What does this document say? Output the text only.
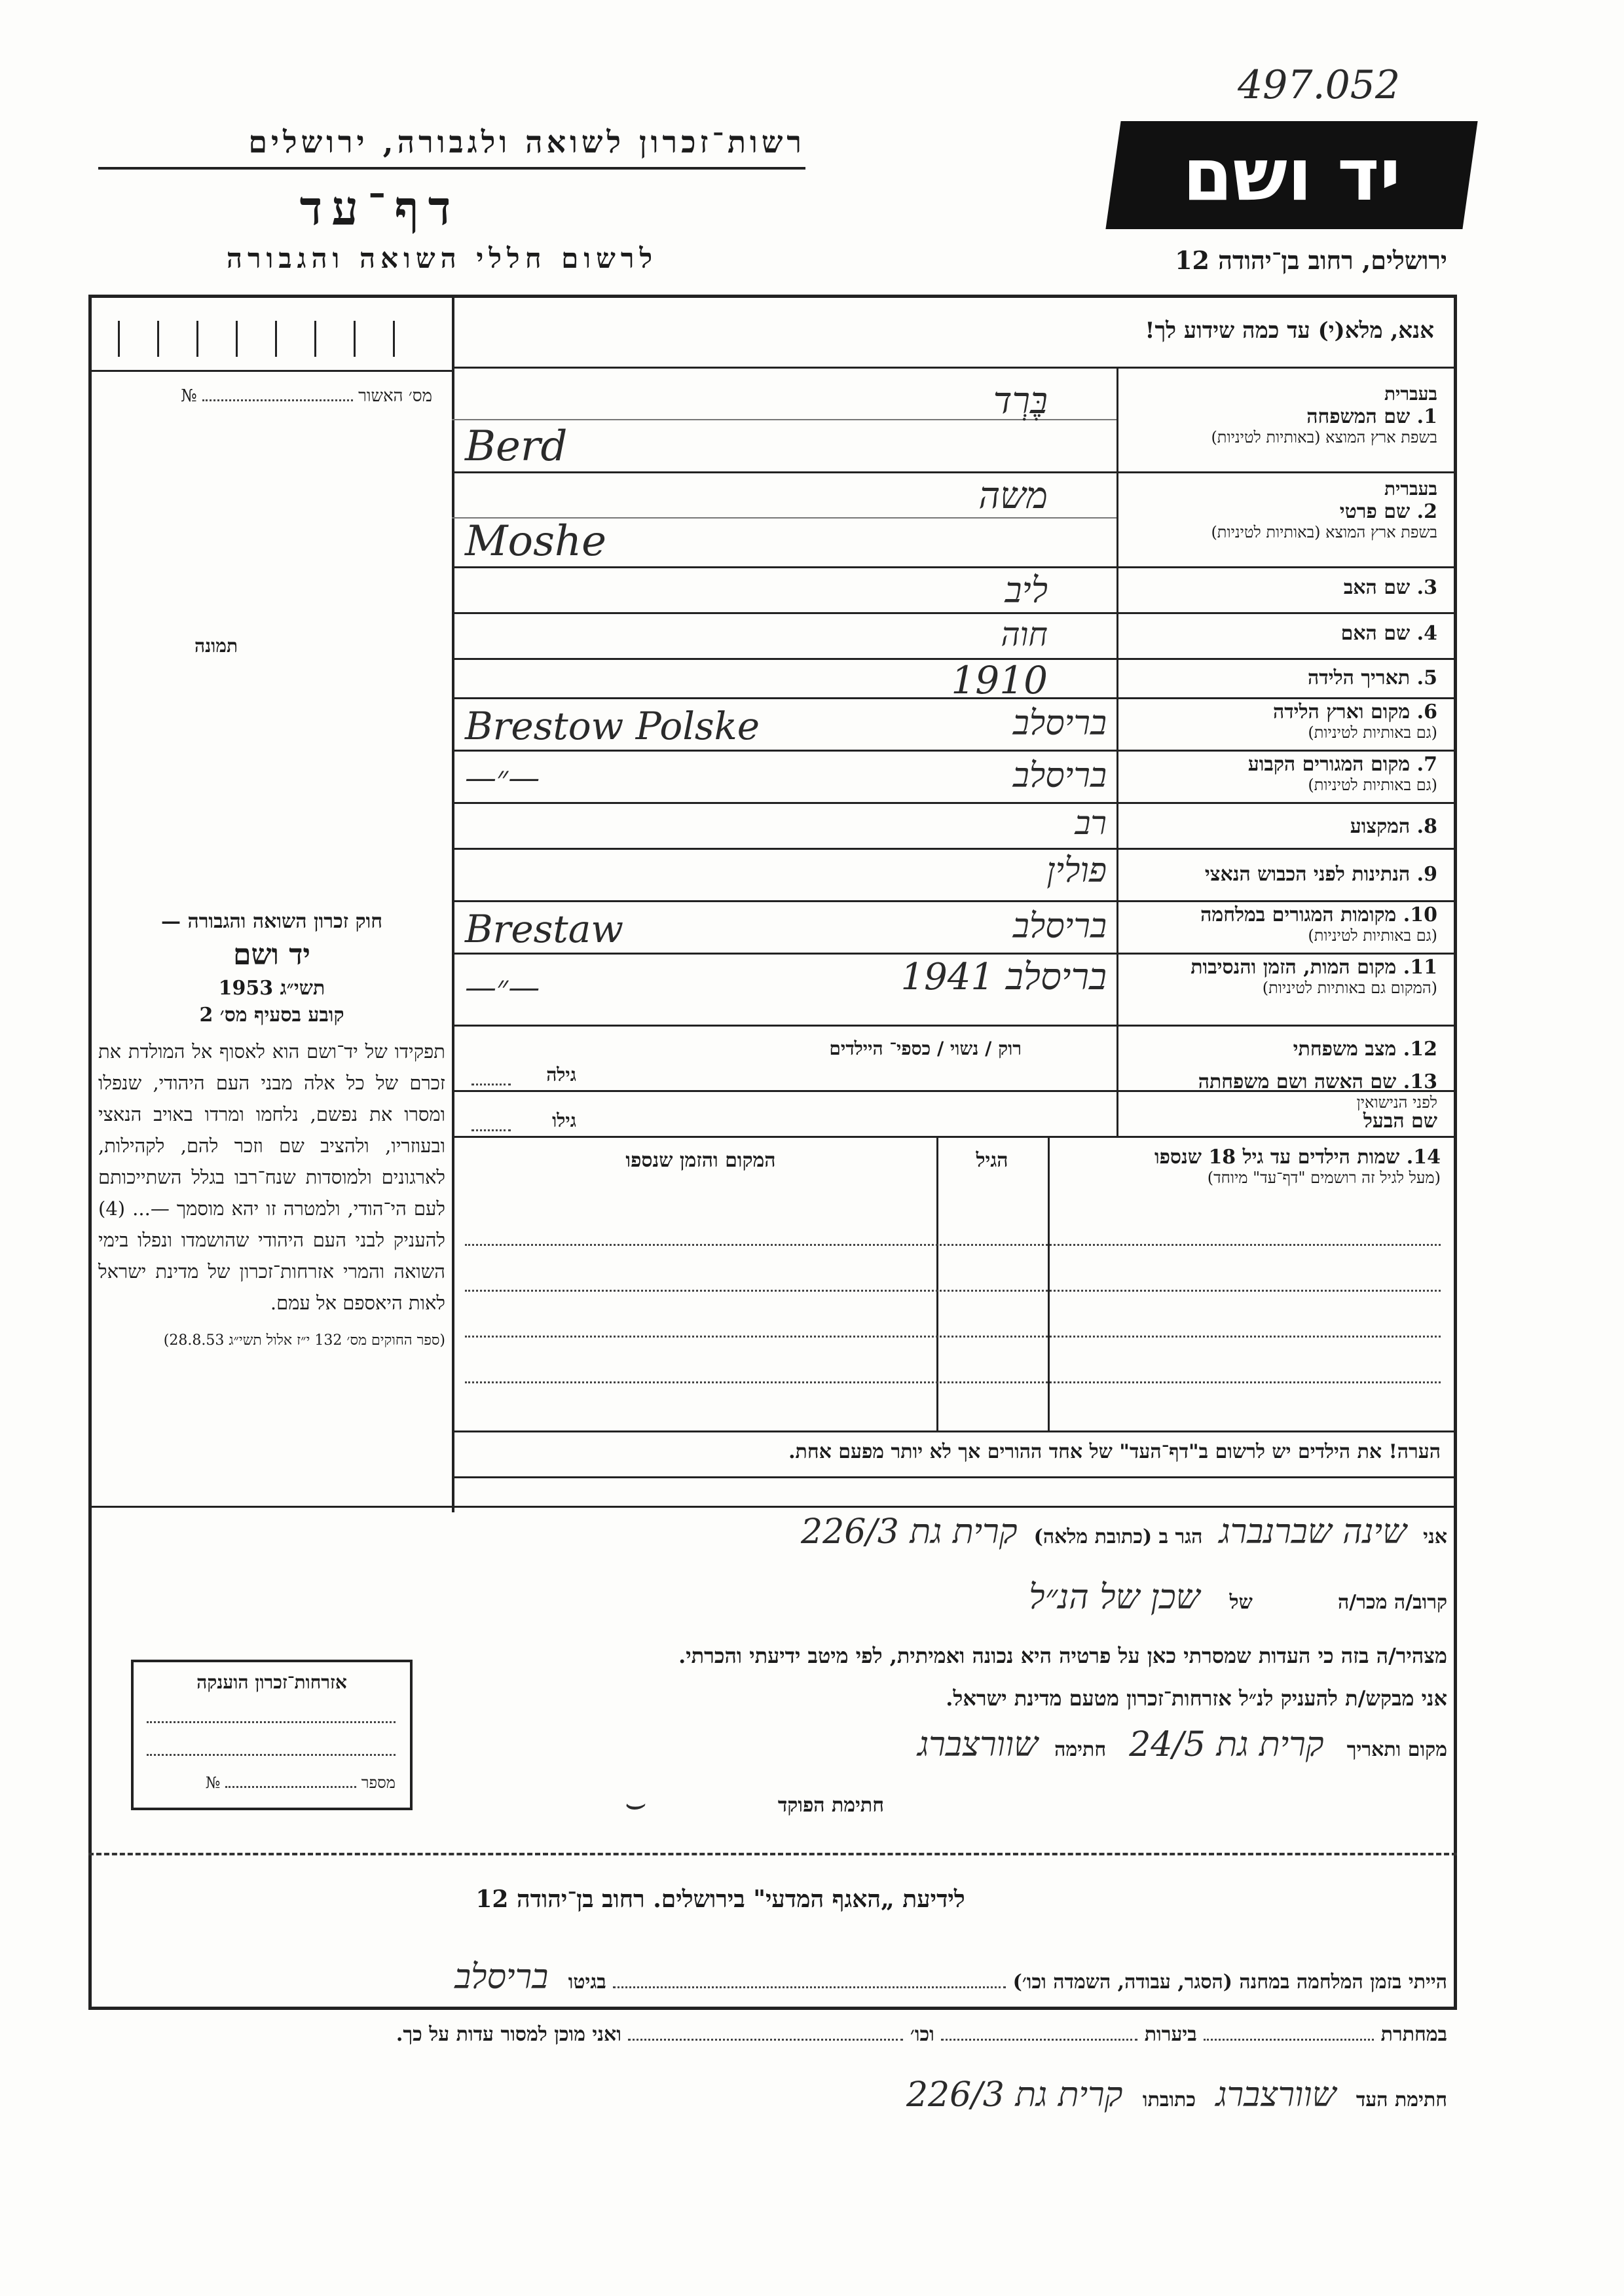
497.052
רשות־זכרון לשואה ולגבורה, ירושלים
דף־עד
לרשום חללי השואה והגבורה
יד ושם
ירושלים, רחוב בן־יהודה 12
אנא, מלא(י) עד כמה שידוע לך!
מס׳ האשור  №
תמונה
בעברית
1. שם המשפחה
בשפת ארץ המוצא (באותיות לטיניות)
בֶּרְד
Berd
בעברית
2. שם פרטי
בשפת ארץ המוצא (באותיות לטיניות)
משה
Moshe
3. שם האב
ליב
4. שם האם
חוה
5. תאריך הלידה
1910
6. מקום וארץ הלידה
(גם באותיות לטיניות)
בריסלב
Brestow Polske
7. מקום המגורים הקבוע
(גם באותיות לטיניות)
בריסלב
—״—
8. המקצוע
רב
9. הנתינות לפני הכבוש הנאצי
פולין
10. מקומות המגורים במלחמה
(גם באותיות לטיניות)
בריסלב
Brestaw
11. מקום המות, הזמן והנסיבות
(המקום גם באותיות לטיניות)
בריסלב 1941
—״—
12. מצב משפחתי
רוק / נשוי / כספי־ היילדים
13. שם האשה ושם משפחתה
לפני הנישואין
גילה
שם הבעל
גילו
14. שמות הילדים עד גיל 18 שנספו
(מעל לגיל זה רושמים "דף־עד" מיוחד)
הגיל
המקום והזמן שנספו
חוק זכרון השואה והגבורה —
יד ושם
תשי״ג 1953
קובע בסעיף מס׳ 2
תפקידו של יד־ושם הוא לאסוף אל המולדת את זכרם של כל אלה מבני העם היהודי, שנפלו ומסרו את נפשם, נלחמו ומרדו באויב הנאצי ובעוזריו, ולהציב שם וזכר להם, לקהילות, לארגונים ולמוסדות שנח־רבו בגלל השתייכותם לעם הי־הודי, ולמטרה זו יהא מוסמך —... (4) להעניק לבני העם היהודי שהושמדו ונפלו בימי השואה והמרי אזרחות־זכרון של מדינת ישראל לאות היאספם אל עמם.
(ספר החוקים מס׳ 132 י״ז אלול תשי״ג 28.8.53)
הערה! את הילדים יש לרשום ב"דף־העד" של אחד ההורים אך לא יותר מפעם אחת.
אני שינה שברנברג הגר ב (כתובת מלאה) קרית גת 226/3
קרוב/ה מכר/ה  של שכן של הנ״ל
מצהיר/ה בזה כי העדות שמסרתי כאן על פרטיה היא נכונה ואמיתית, לפי מיטב ידיעתי והכרתי.
אני מבקש/ת להעניק לנ״ל אזרחות־זכרון מטעם מדינת ישראל.
מקום ותאריך קרית גת 24/5 חתימה שוורצברג
חתימת הפוקד
⌣
אזרחות־זכרון הוענקה
מספר  №
לידיעת „האגף המדעי" בירושלים. רחוב בן־יהודה 12
הייתי בזמן המלחמה במחנה (הסגר, עבודה, השמדה וכו׳)  בגיטו בריסלב
במחתרת  ביערות  וכו׳  ואני מוכן למסור עדות על כך.
חתימת העד שוורצברג כתובתו קרית גת 226/3
